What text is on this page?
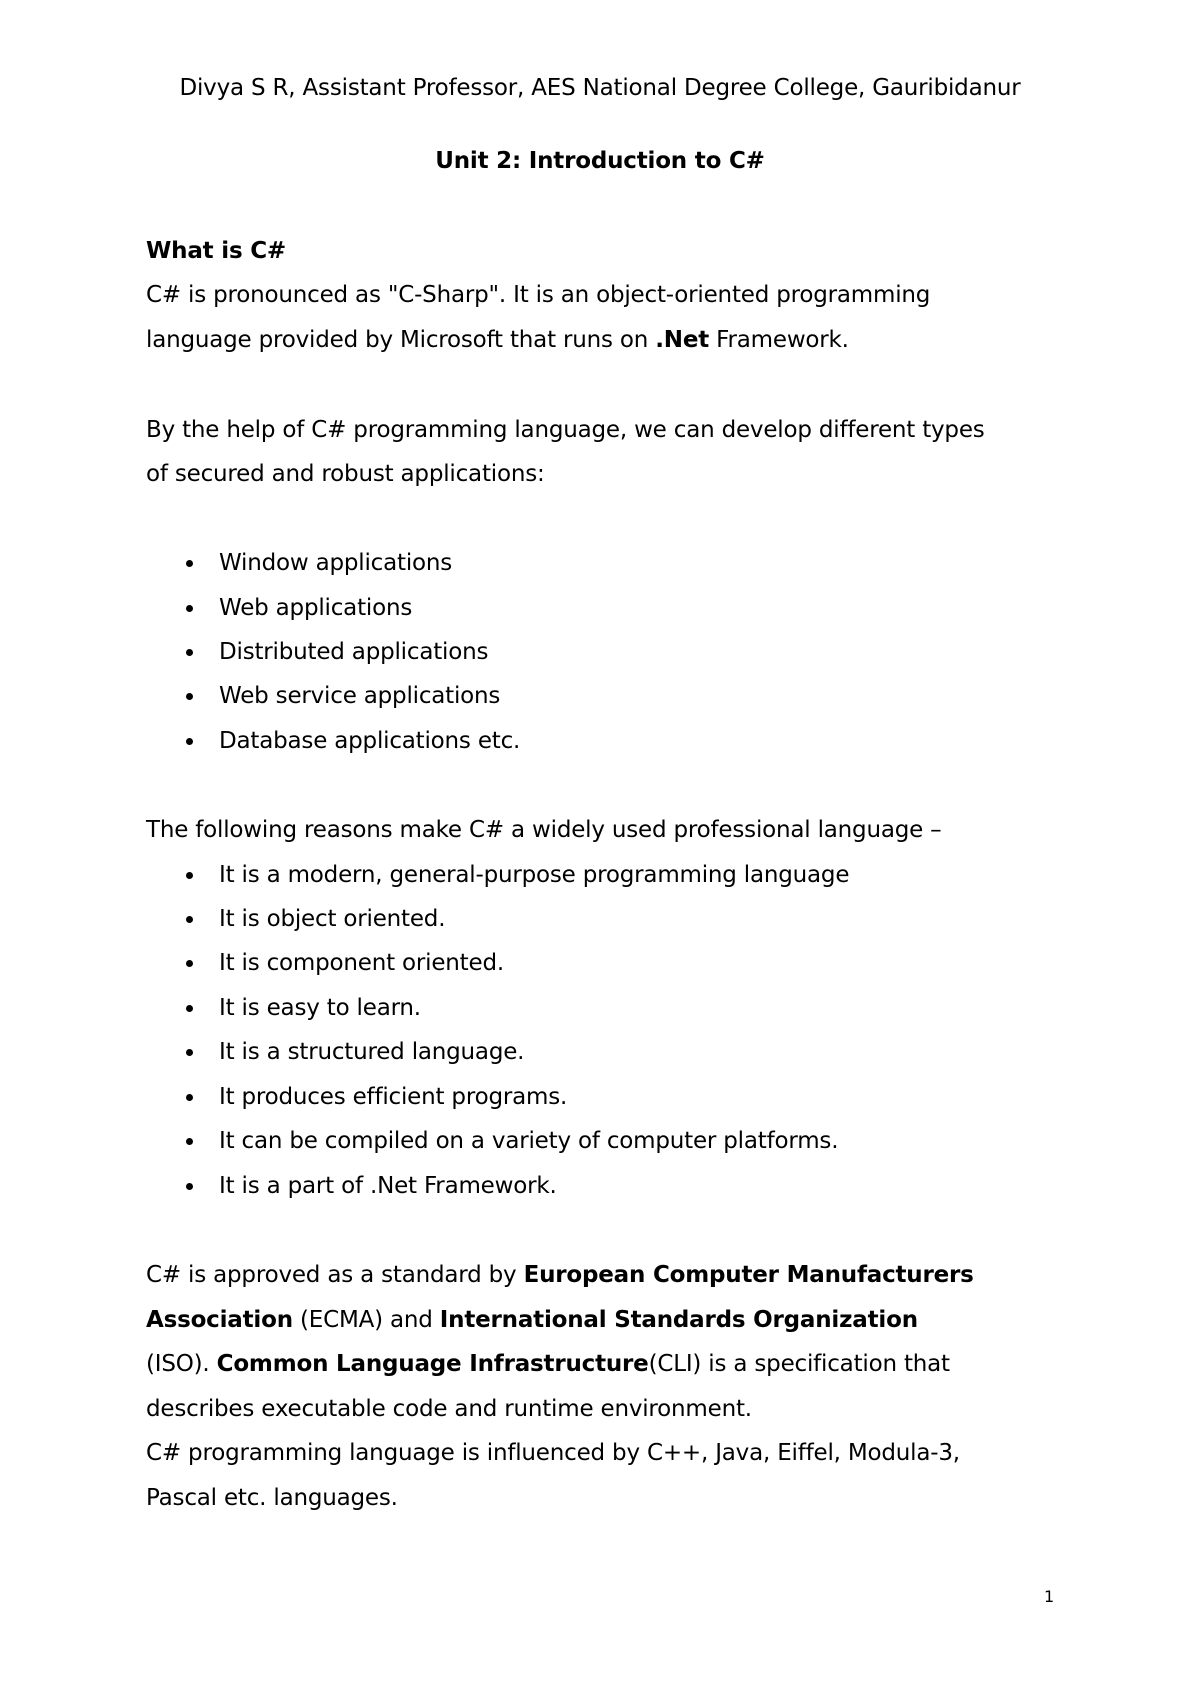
Divya S R, Assistant Professor, AES National Degree College, Gauribidanur
Unit 2: Introduction to C#
What is C#
C# is pronounced as "C-Sharp". It is an object-oriented programming
language provided by Microsoft that runs on .Net Framework.
By the help of C# programming language, we can develop different types
of secured and robust applications:
Window applications
Web applications
Distributed applications
Web service applications
Database applications etc.
The following reasons make C# a widely used professional language –
It is a modern, general-purpose programming language
It is object oriented.
It is component oriented.
It is easy to learn.
It is a structured language.
It produces efficient programs.
It can be compiled on a variety of computer platforms.
It is a part of .Net Framework.
C# is approved as a standard by European Computer Manufacturers
Association (ECMA) and International Standards Organization
(ISO). Common Language Infrastructure(CLI) is a specification that
describes executable code and runtime environment.
C# programming language is influenced by C++, Java, Eiffel, Modula-3,
Pascal etc. languages.
1
